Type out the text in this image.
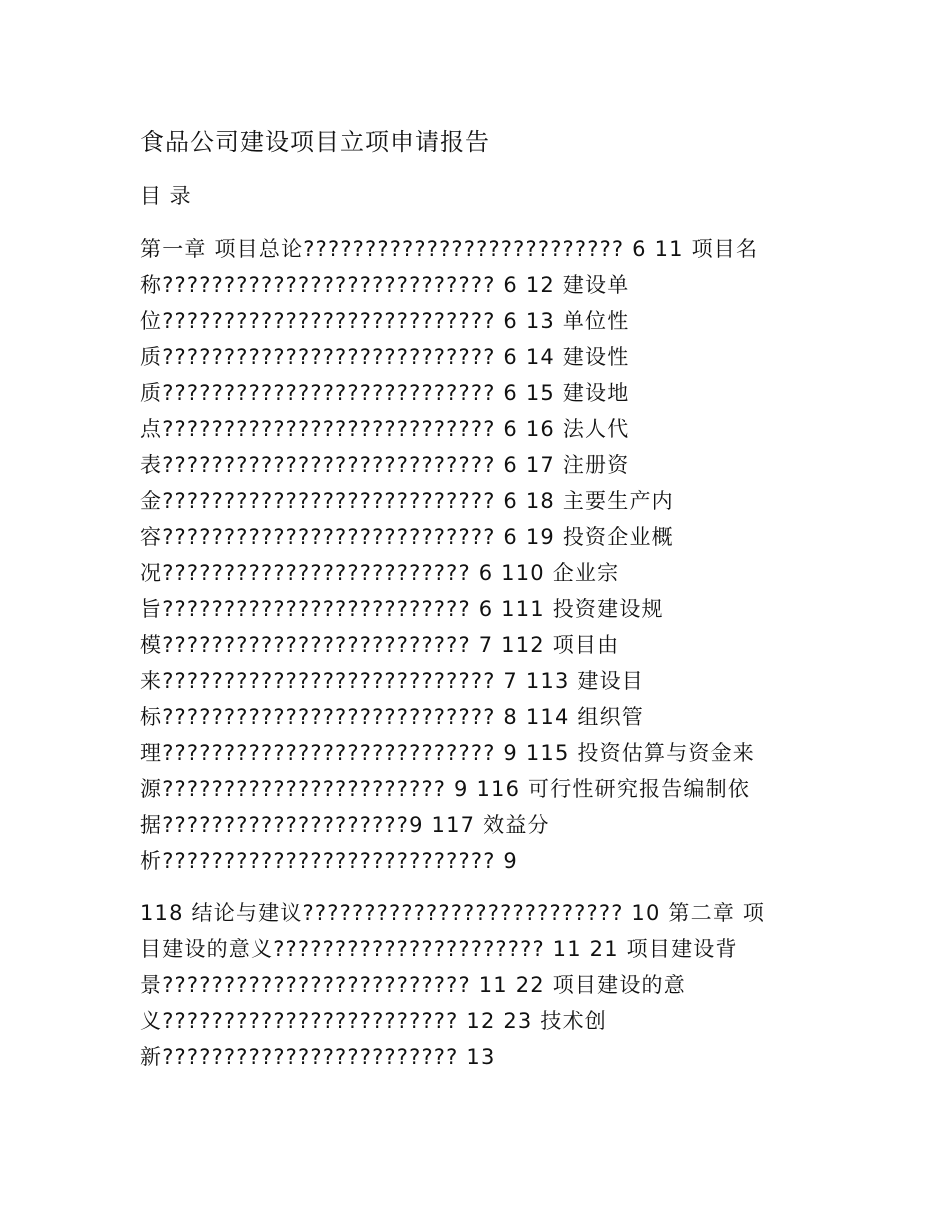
食品公司建设项目立项申请报告
目 录
第一章 项目总论?????????????????????????? 6 11 项目名
称??????????????????????????? 6 12 建设单
位??????????????????????????? 6 13 单位性
质??????????????????????????? 6 14 建设性
质??????????????????????????? 6 15 建设地
点??????????????????????????? 6 16 法人代
表??????????????????????????? 6 17 注册资
金??????????????????????????? 6 18 主要生产内
容??????????????????????????? 6 19 投资企业概
况????????????????????????? 6 110 企业宗
旨????????????????????????? 6 111 投资建设规
模????????????????????????? 7 112 项目由
来??????????????????????????? 7 113 建设目
标??????????????????????????? 8 114 组织管
理??????????????????????????? 9 115 投资估算与资金来
源??????????????????????? 9 116 可行性研究报告编制依
据????????????????????9 117 效益分
析??????????????????????????? 9
118 结论与建议?????????????????????????? 10 第二章 项
目建设的意义?????????????????????? 11 21 项目建设背
景????????????????????????? 11 22 项目建设的意
义???????????????????????? 12 23 技术创
新???????????????????????? 13
